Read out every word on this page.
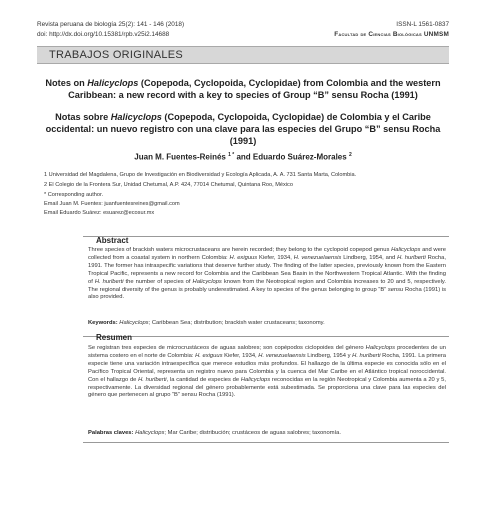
Revista peruana de biología 25(2): 141 - 146 (2018)
doi: http://dx.doi.org/10.15381/rpb.v25i2.14688
ISSN-L 1561-0837
Facultad de Ciencias Biológicas UNMSM
TRABAJOS ORIGINALES
Notes on Halicyclops (Copepoda, Cyclopoida, Cyclopidae) from Colombia and the western Caribbean: a new record with a key to species of Group “B” sensu Rocha (1991)
Notas sobre Halicyclops (Copepoda, Cyclopoida, Cyclopidae) de Colombia y el Caribe occidental: un nuevo registro con una clave para las especies del Grupo “B” sensu Rocha (1991)
Juan M. Fuentes-Reinés $^{1 *}$ and Eduardo Suárez-Morales $^2$
1 Universidad del Magdalena, Grupo de Investigación en Biodiversidad y Ecología Aplicada, A. A. 731 Santa Marta, Colombia.
2 El Colegio de la Frontera Sur, Unidad Chetumal, A.P. 424, 77014 Chetumal, Quintana Roo, México
* Corresponding author.
Email Juan M. Fuentes: juanfuentesreines@gmail.com
Email Eduardo Suárez: esuarez@ecosur.mx
Abstract
Three species of brackish waters microcrustaceans are herein recorded; they belong to the cyclopoid copepod genus Halicyclops and were collected from a coastal system in northern Colombia: H. exiguus Kiefer, 1934, H. venezuelaensis Lindberg, 1954, and H. hurlberti Rocha, 1991. The former has intraspecific variations that deserve further study. The finding of the latter species, previously known from the Eastern Tropical Pacific, represents a new record for Colombia and the Caribbean Sea Basin in the Northwestern Tropical Atlantic. With the finding of H. hurlberti the number of species of Halicyclops known from the Neotropical region and Colombia increases to 20 and 5, respectively. The regional diversity of the genus is probably underestimated. A key to species of the genus belonging to group “B” sensu Rocha (1991) is also provided.
Keywords: Halicyclops; Caribbean Sea; distribution; brackish water crustaceans; taxonomy.
Resumen
Se registran tres especies de microcrustáceos de aguas salobres; son copépodos ciclopoides del género Halicyclops procedentes de un sistema costero en el norte de Colombia: H. exiguus Kiefer, 1934, H. venezuelaensis Lindberg, 1954 y H. hurlberti Rocha, 1991. La primera especie tiene una variación intraespecífica que merece estudios más profundos. El hallazgo de la última especie es conocida sólo en el Pacífico Tropical Oriental, representa un registro nuevo para Colombia y la cuenca del Mar Caribe en el Atlántico tropical noroccidental. Con el hallazgo de H. hurlberti, la cantidad de especies de Halicyclops reconocidas en la región Neotropical y Colombia aumenta a 20 y 5, respectivamente. La diversidad regional del género probablemente está subestimada. Se proporciona una clave para las especies del género que pertenecen al grupo “B” sensu Rocha (1991).
Palabras claves: Halicyclops; Mar Caribe; distribución; crustáceos de aguas salobres; taxonomía.
